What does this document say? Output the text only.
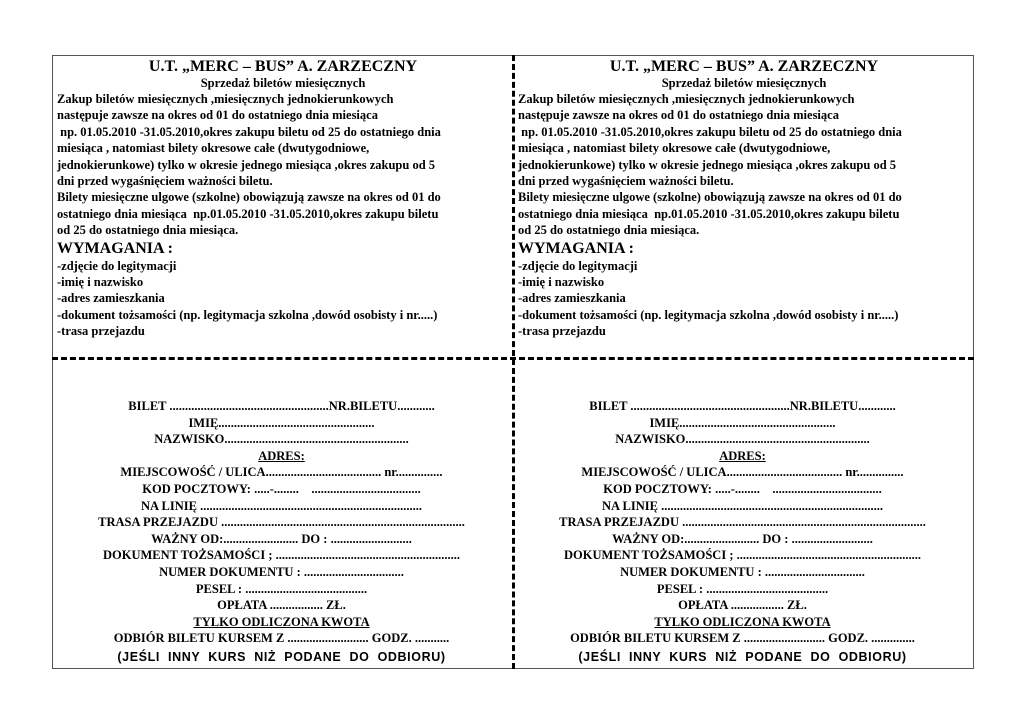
U.T. „MERC – BUS” A. ZARZECZNY
Sprzedaż biletów miesięcznych
Zakup biletów miesięcznych ,miesięcznych jednokierunkowych
następuje zawsze na okres od 01 do ostatniego dnia miesiąca
np. 01.05.2010 -31.05.2010,okres zakupu biletu od 25 do ostatniego dnia
miesiąca , natomiast bilety okresowe całe (dwutygodniowe,
jednokierunkowe) tylko w okresie jednego miesiąca ,okres zakupu od 5
dni przed wygaśnięciem ważności biletu.
Bilety miesięczne ulgowe (szkolne) obowiązują zawsze na okres od 01 do
ostatniego dnia miesiąca  np.01.05.2010 -31.05.2010,okres zakupu biletu
od 25 do ostatniego dnia miesiąca.
WYMAGANIA :
-zdjęcie do legitymacji
-imię i nazwisko
-adres zamieszkania
-dokument tożsamości (np. legitymacja szkolna ,dowód osobisty i nr.....)
-trasa przejazdu
U.T. „MERC – BUS” A. ZARZECZNY
Sprzedaż biletów miesięcznych
Zakup biletów miesięcznych ,miesięcznych jednokierunkowych
następuje zawsze na okres od 01 do ostatniego dnia miesiąca
np. 01.05.2010 -31.05.2010,okres zakupu biletu od 25 do ostatniego dnia
miesiąca , natomiast bilety okresowe całe (dwutygodniowe,
jednokierunkowe) tylko w okresie jednego miesiąca ,okres zakupu od 5
dni przed wygaśnięciem ważności biletu.
Bilety miesięczne ulgowe (szkolne) obowiązują zawsze na okres od 01 do
ostatniego dnia miesiąca  np.01.05.2010 -31.05.2010,okres zakupu biletu
od 25 do ostatniego dnia miesiąca.
WYMAGANIA :
-zdjęcie do legitymacji
-imię i nazwisko
-adres zamieszkania
-dokument tożsamości (np. legitymacja szkolna ,dowód osobisty i nr.....)
-trasa przejazdu
BILET ...................................................NR.BILETU............
IMIĘ..................................................
NAZWISKO...........................................................
ADRES:
MIEJSCOWOŚĆ / ULICA..................................... nr...............
KOD POCZTOWY: .....-........    ...................................
NA LINIĘ .......................................................................
TRASA PRZEJAZDU ..............................................................................
WAŻNY OD:........................ DO : ..........................
DOKUMENT TOŻSAMOŚCI ; ...........................................................
NUMER DOKUMENTU : ................................
PESEL : .......................................
OPŁATA ................. ZŁ.
TYLKO ODLICZONA KWOTA
ODBIÓR BILETU KURSEM Z .......................... GODZ. ...........
(JEŚLI  INNY  KURS  NIŻ  PODANE  DO  ODBIORU)
BILET ...................................................NR.BILETU............
IMIĘ..................................................
NAZWISKO...........................................................
ADRES:
MIEJSCOWOŚĆ / ULICA..................................... nr...............
KOD POCZTOWY: .....-........    ...................................
NA LINIĘ .......................................................................
TRASA PRZEJAZDU ..............................................................................
WAŻNY OD:........................ DO : ..........................
DOKUMENT TOŻSAMOŚCI ; ...........................................................
NUMER DOKUMENTU : ................................
PESEL : .......................................
OPŁATA ................. ZŁ.
TYLKO ODLICZONA KWOTA
ODBIÓR BILETU KURSEM Z .......................... GODZ. ..............
(JEŚLI  INNY  KURS  NIŻ  PODANE  DO  ODBIORU)
